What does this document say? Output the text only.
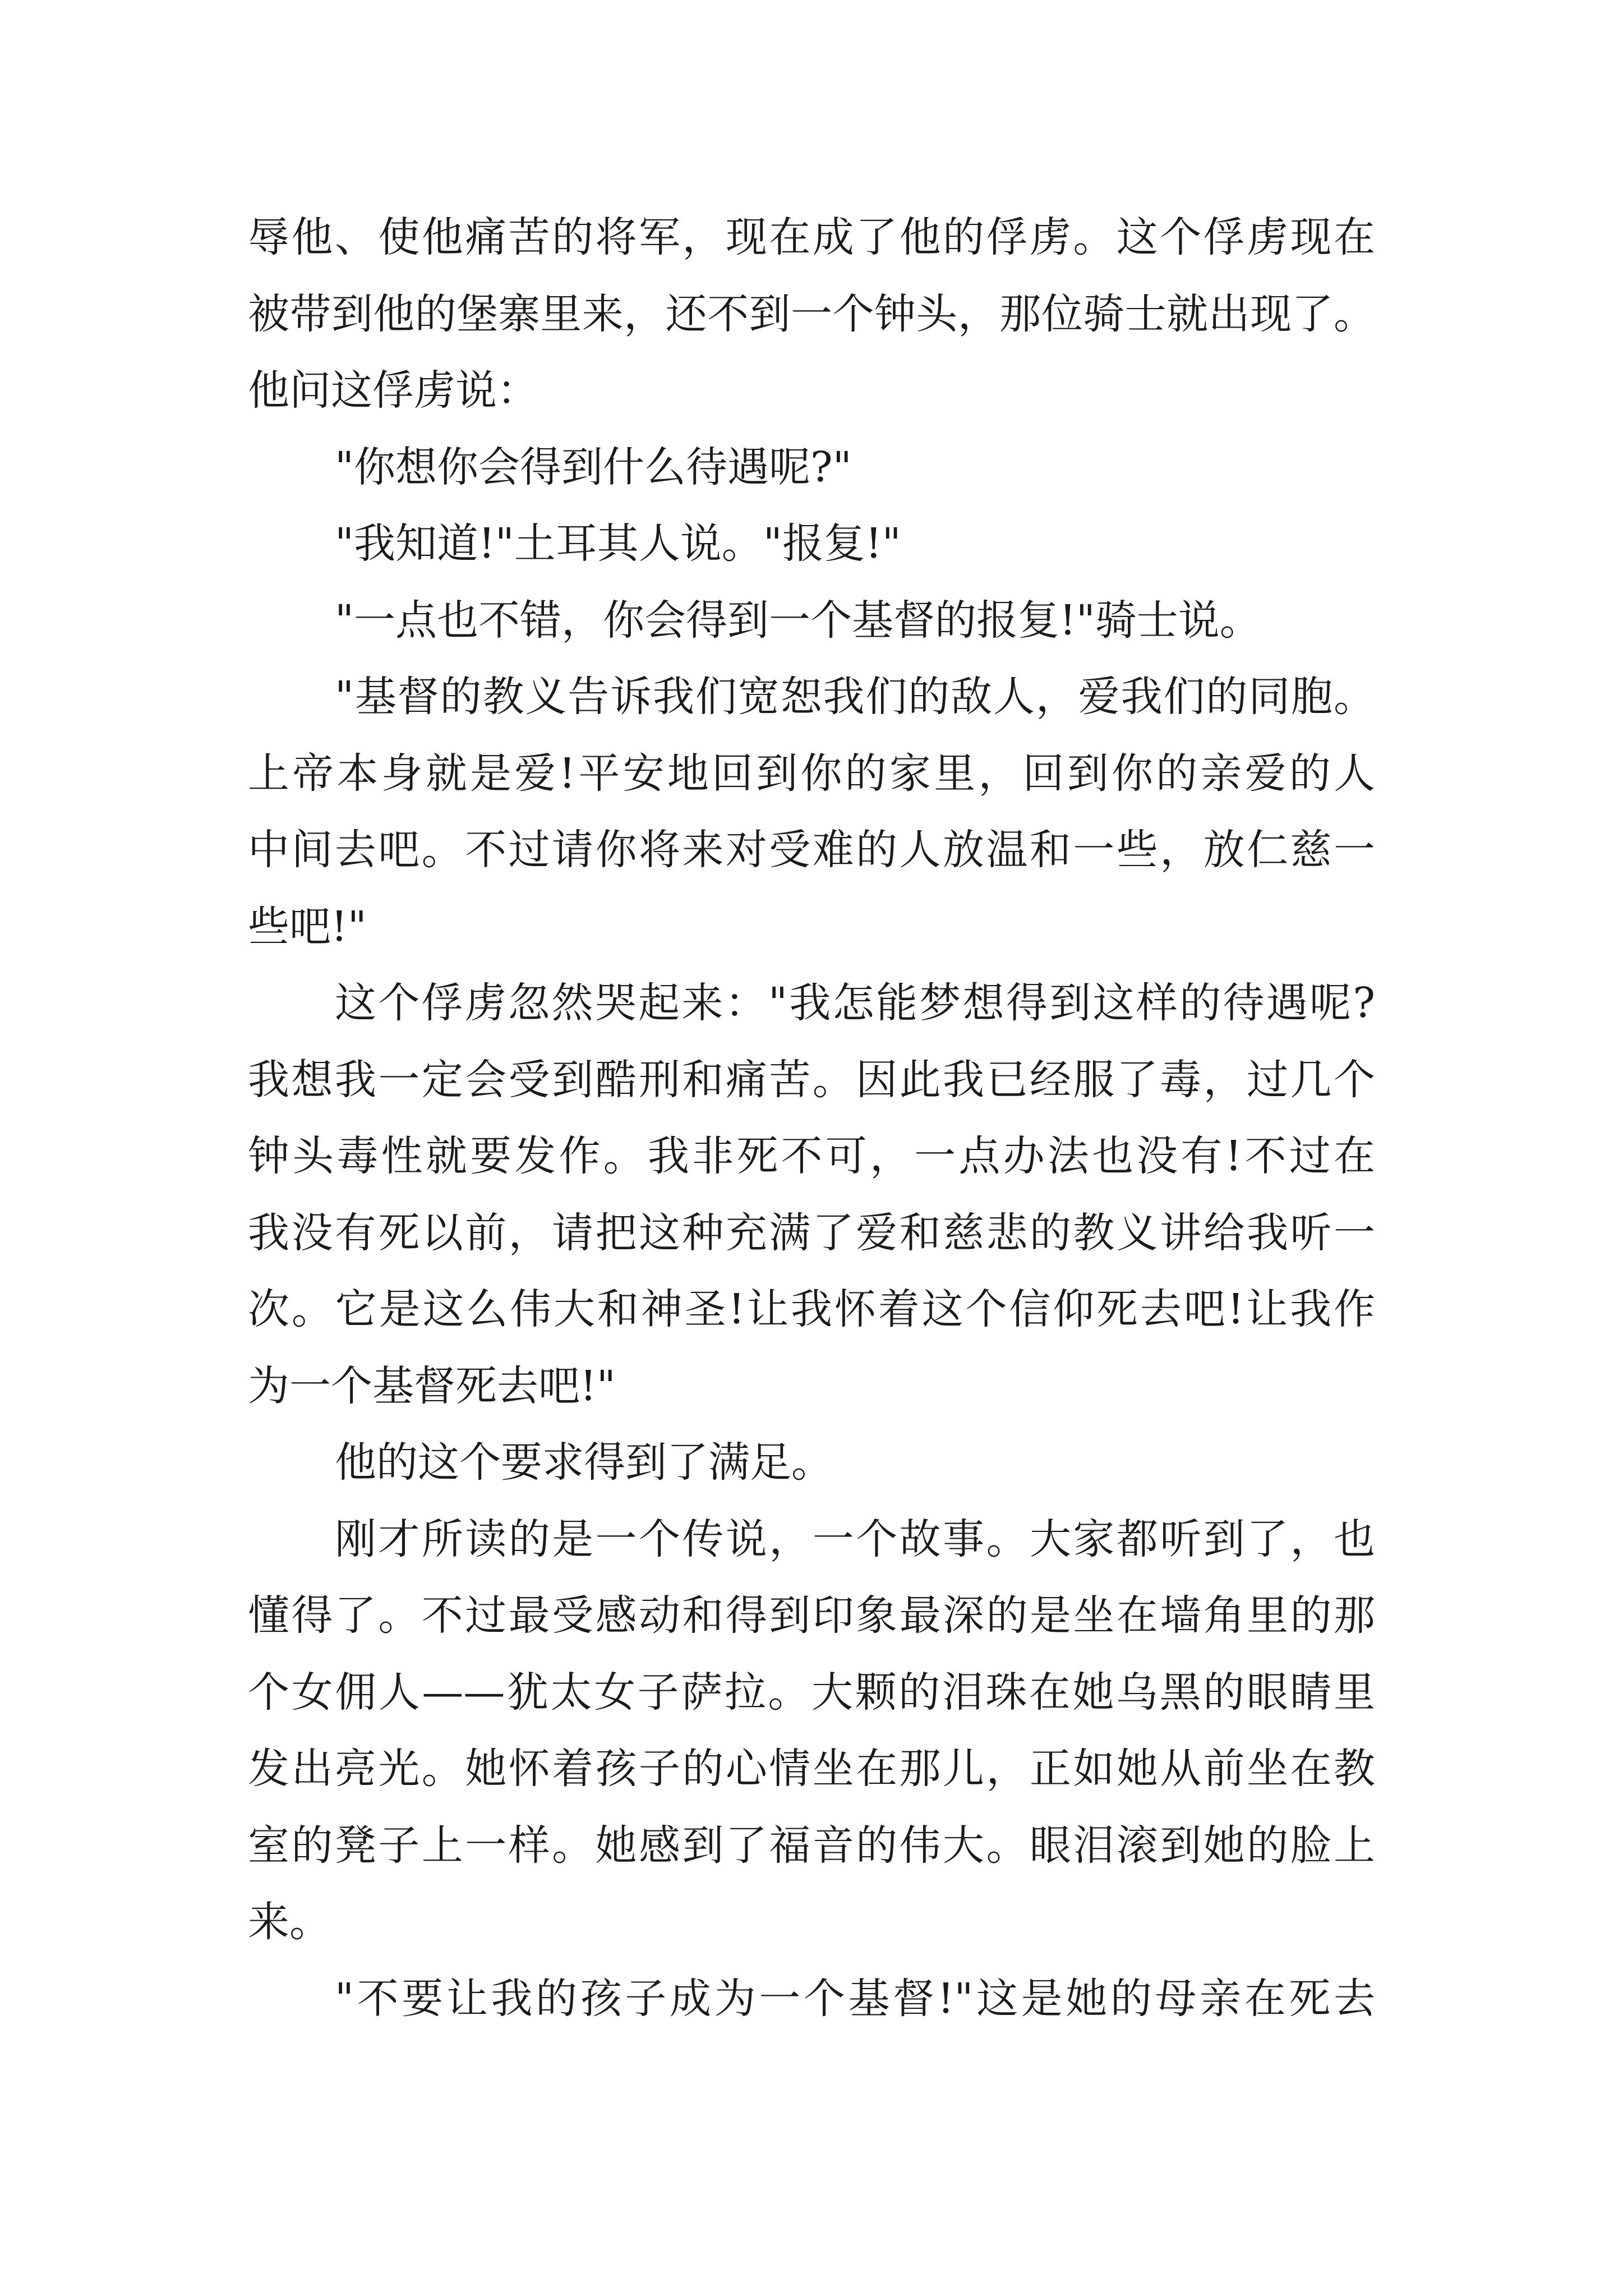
辱他、使他痛苦的将军，现在成了他的俘虏。这个俘虏现在
被带到他的堡寨里来，还不到一个钟头，那位骑士就出现了。
他问这俘虏说：
"你想你会得到什么待遇呢?"
"我知道!"土耳其人说。"报复!"
"一点也不错，你会得到一个基督的报复!"骑士说。
"基督的教义告诉我们宽恕我们的敌人，爱我们的同胞。
上帝本身就是爱!平安地回到你的家里，回到你的亲爱的人
中间去吧。不过请你将来对受难的人放温和一些，放仁慈一
些吧!"
这个俘虏忽然哭起来："我怎能梦想得到这样的待遇呢?
我想我一定会受到酷刑和痛苦。因此我已经服了毒，过几个
钟头毒性就要发作。我非死不可，一点办法也没有!不过在
我没有死以前，请把这种充满了爱和慈悲的教义讲给我听一
次。它是这么伟大和神圣!让我怀着这个信仰死去吧!让我作
为一个基督死去吧!"
他的这个要求得到了满足。
刚才所读的是一个传说，一个故事。大家都听到了，也
懂得了。不过最受感动和得到印象最深的是坐在墙角里的那
个女佣人——犹太女子萨拉。大颗的泪珠在她乌黑的眼睛里
发出亮光。她怀着孩子的心情坐在那儿，正如她从前坐在教
室的凳子上一样。她感到了福音的伟大。眼泪滚到她的脸上
来。
"不要让我的孩子成为一个基督!"这是她的母亲在死去
